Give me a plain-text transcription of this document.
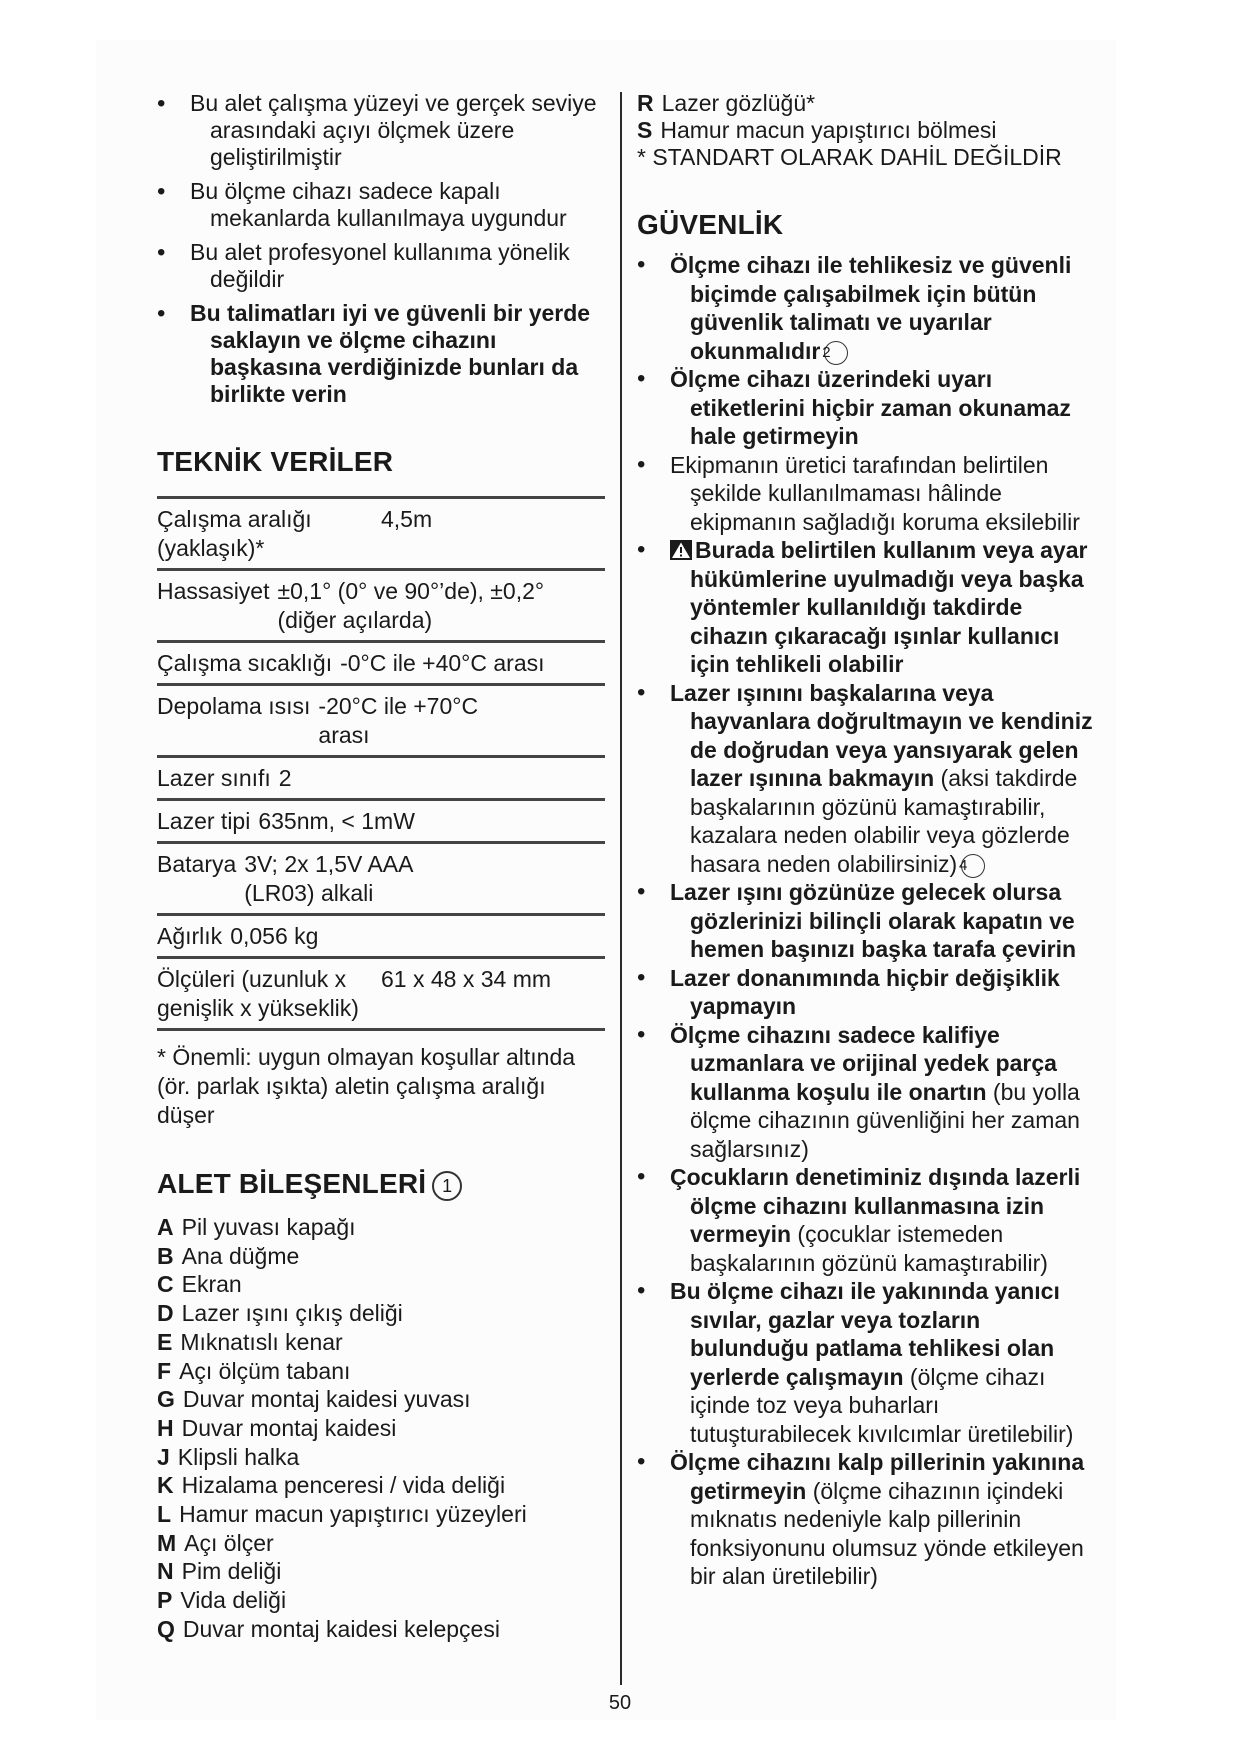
• Bu alet çalışma yüzeyi ve gerçek seviye arasındaki açıyı ölçmek üzere geliştirilmiştir
• Bu ölçme cihazı sadece kapalı mekanlarda kullanılmaya uygundur
• Bu alet profesyonel kullanıma yönelik değildir
• Bu talimatları iyi ve güvenli bir yerde saklayın ve ölçme cihazını başkasına verdiğinizde bunları da birlikte verin
TEKNİK VERİLER
Çalışma aralığı (yaklaşık)*
4,5m
Hassasiyet ±0,1° (0° ve 90°’de), ±0,2° (diğer açılarda)
Çalışma sıcaklığı -0°C ile +40°C arası
Depolama ısısı -20°C ile +70°C arası
Lazer sınıfı 2
Lazer tipi 635nm, < 1mW
Batarya 3V; 2x 1,5V AAA (LR03) alkali
Ağırlık 0,056 kg
Ölçüleri (uzunluk x genişlik x yükseklik)
61 x 48 x 34 mm
* Önemli: uygun olmayan koşullar altında (ör. parlak ışıkta) aletin çalışma aralığı düşer
ALET BİLEŞENLERİ 1
A Pil yuvası kapağı
B Ana düğme
C Ekran
D Lazer ışını çıkış deliği
E Mıknatıslı kenar
F Açı ölçüm tabanı
G Duvar montaj kaidesi yuvası
H Duvar montaj kaidesi
J Klipsli halka
K Hizalama penceresi / vida deliği
L Hamur macun yapıştırıcı yüzeyleri
M Açı ölçer
N Pim deliği
P Vida deliği
Q Duvar montaj kaidesi kelepçesi
R Lazer gözlüğü*
S Hamur macun yapıştırıcı bölmesi
* STANDART OLARAK DAHİL DEĞİLDİR
GÜVENLİK
• Ölçme cihazı ile tehlikesiz ve güvenli biçimde çalışabilmek için bütün güvenlik talimatı ve uyarılar okunmalıdır 2
• Ölçme cihazı üzerindeki uyarı etiketlerini hiçbir zaman okunamaz hale getirmeyin
• Ekipmanın üretici tarafından belirtilen şekilde kullanılmaması hâlinde ekipmanın sağladığı koruma eksilebilir
• Burada belirtilen kullanım veya ayar hükümlerine uyulmadığı veya başka yöntemler kullanıldığı takdirde cihazın çıkaracağı ışınlar kullanıcı için tehlikeli olabilir
• Lazer ışınını başkalarına veya hayvanlara doğrultmayın ve kendiniz de doğrudan veya yansıyarak gelen lazer ışınına bakmayın (aksi takdirde başkalarının gözünü kamaştırabilir, kazalara neden olabilir veya gözlerde hasara neden olabilirsiniz) 4
• Lazer ışını gözünüze gelecek olursa gözlerinizi bilinçli olarak kapatın ve hemen başınızı başka tarafa çevirin
• Lazer donanımında hiçbir değişiklik yapmayın
• Ölçme cihazını sadece kalifiye uzmanlara ve orijinal yedek parça kullanma koşulu ile onartın (bu yolla ölçme cihazının güvenliğini her zaman sağlarsınız)
• Çocukların denetiminiz dışında lazerli ölçme cihazını kullanmasına izin vermeyin (çocuklar istemeden başkalarının gözünü kamaştırabilir)
• Bu ölçme cihazı ile yakınında yanıcı sıvılar, gazlar veya tozların bulunduğu patlama tehlikesi olan yerlerde çalışmayın (ölçme cihazı içinde toz veya buharları tutuşturabilecek kıvılcımlar üretilebilir)
• Ölçme cihazını kalp pillerinin yakınına getirmeyin (ölçme cihazının içindeki mıknatıs nedeniyle kalp pillerinin fonksiyonunu olumsuz yönde etkileyen bir alan üretilebilir)
50
